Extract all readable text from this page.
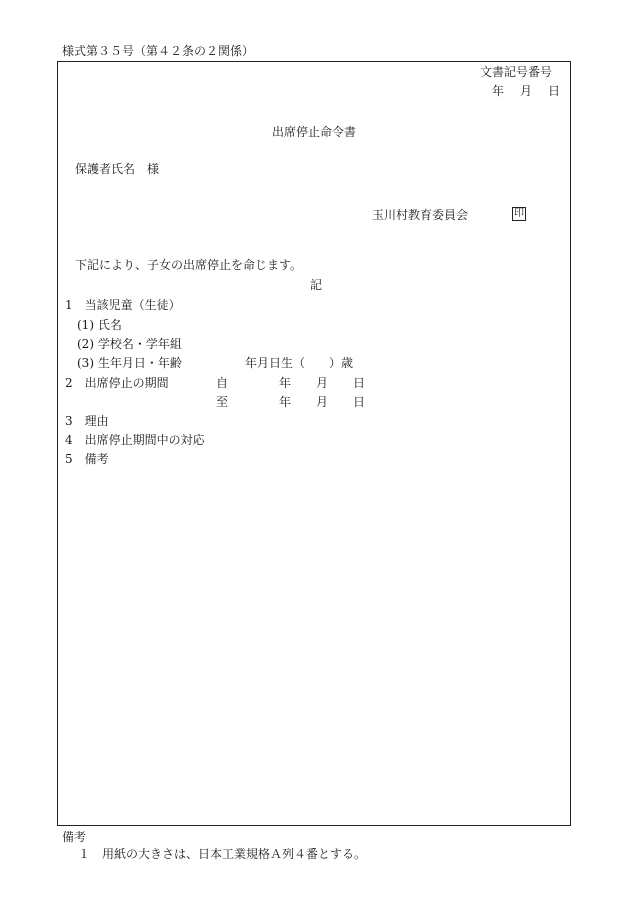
様式第３５号（第４２条の２関係）
文書記号番号
年　月　日
出席停止命令書
保護者氏名　様
玉川村教育委員会	印
下記により、子女の出席停止を命じます。
記
1　当該児童（生徒）
(1) 氏名
(2) 学校名・学年組
(3) 生年月日・年齢	年月日生（　　）歳
2　出席停止の期間	自	年 月 日
至	年 月 日
3　理由
4　出席停止期間中の対応
5　備考
備考
１　用紙の大きさは、日本工業規格Ａ列４番とする。
